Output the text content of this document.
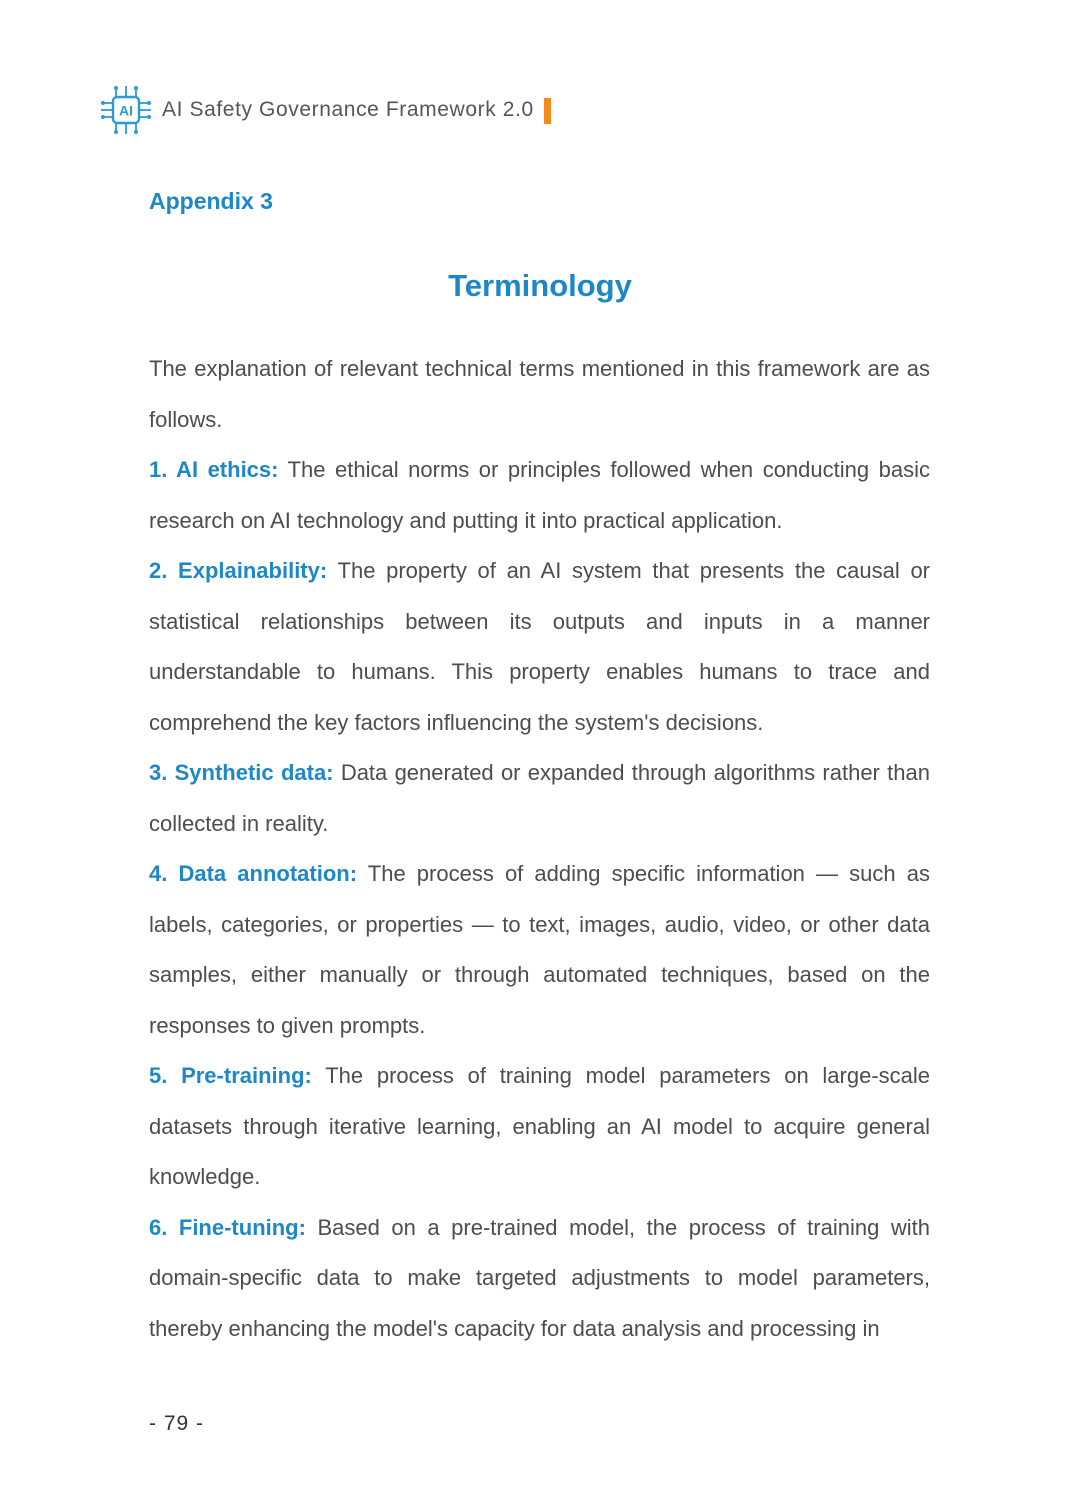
AI AI Safety Governance Framework 2.0
Appendix 3
Terminology

The explanation of relevant technical terms mentioned in this framework are as follows.

1. AI ethics: The ethical norms or principles followed when conducting basic research on AI technology and putting it into practical application.

2. Explainability: The property of an AI system that presents the causal or statistical relationships between its outputs and inputs in a manner understandable to humans. This property enables humans to trace and comprehend the key factors influencing the system's decisions.

3. Synthetic data: Data generated or expanded through algorithms rather than collected in reality.

4. Data annotation: The process of adding specific information — such as labels, categories, or properties — to text, images, audio, video, or other data samples, either manually or through automated techniques, based on the responses to given prompts.

5. Pre-training: The process of training model parameters on large-scale datasets through iterative learning, enabling an AI model to acquire general knowledge.

6. Fine-tuning: Based on a pre-trained model, the process of training with domain-specific data to make targeted adjustments to model parameters, thereby enhancing the model's capacity for data analysis and processing in

- 79 -
